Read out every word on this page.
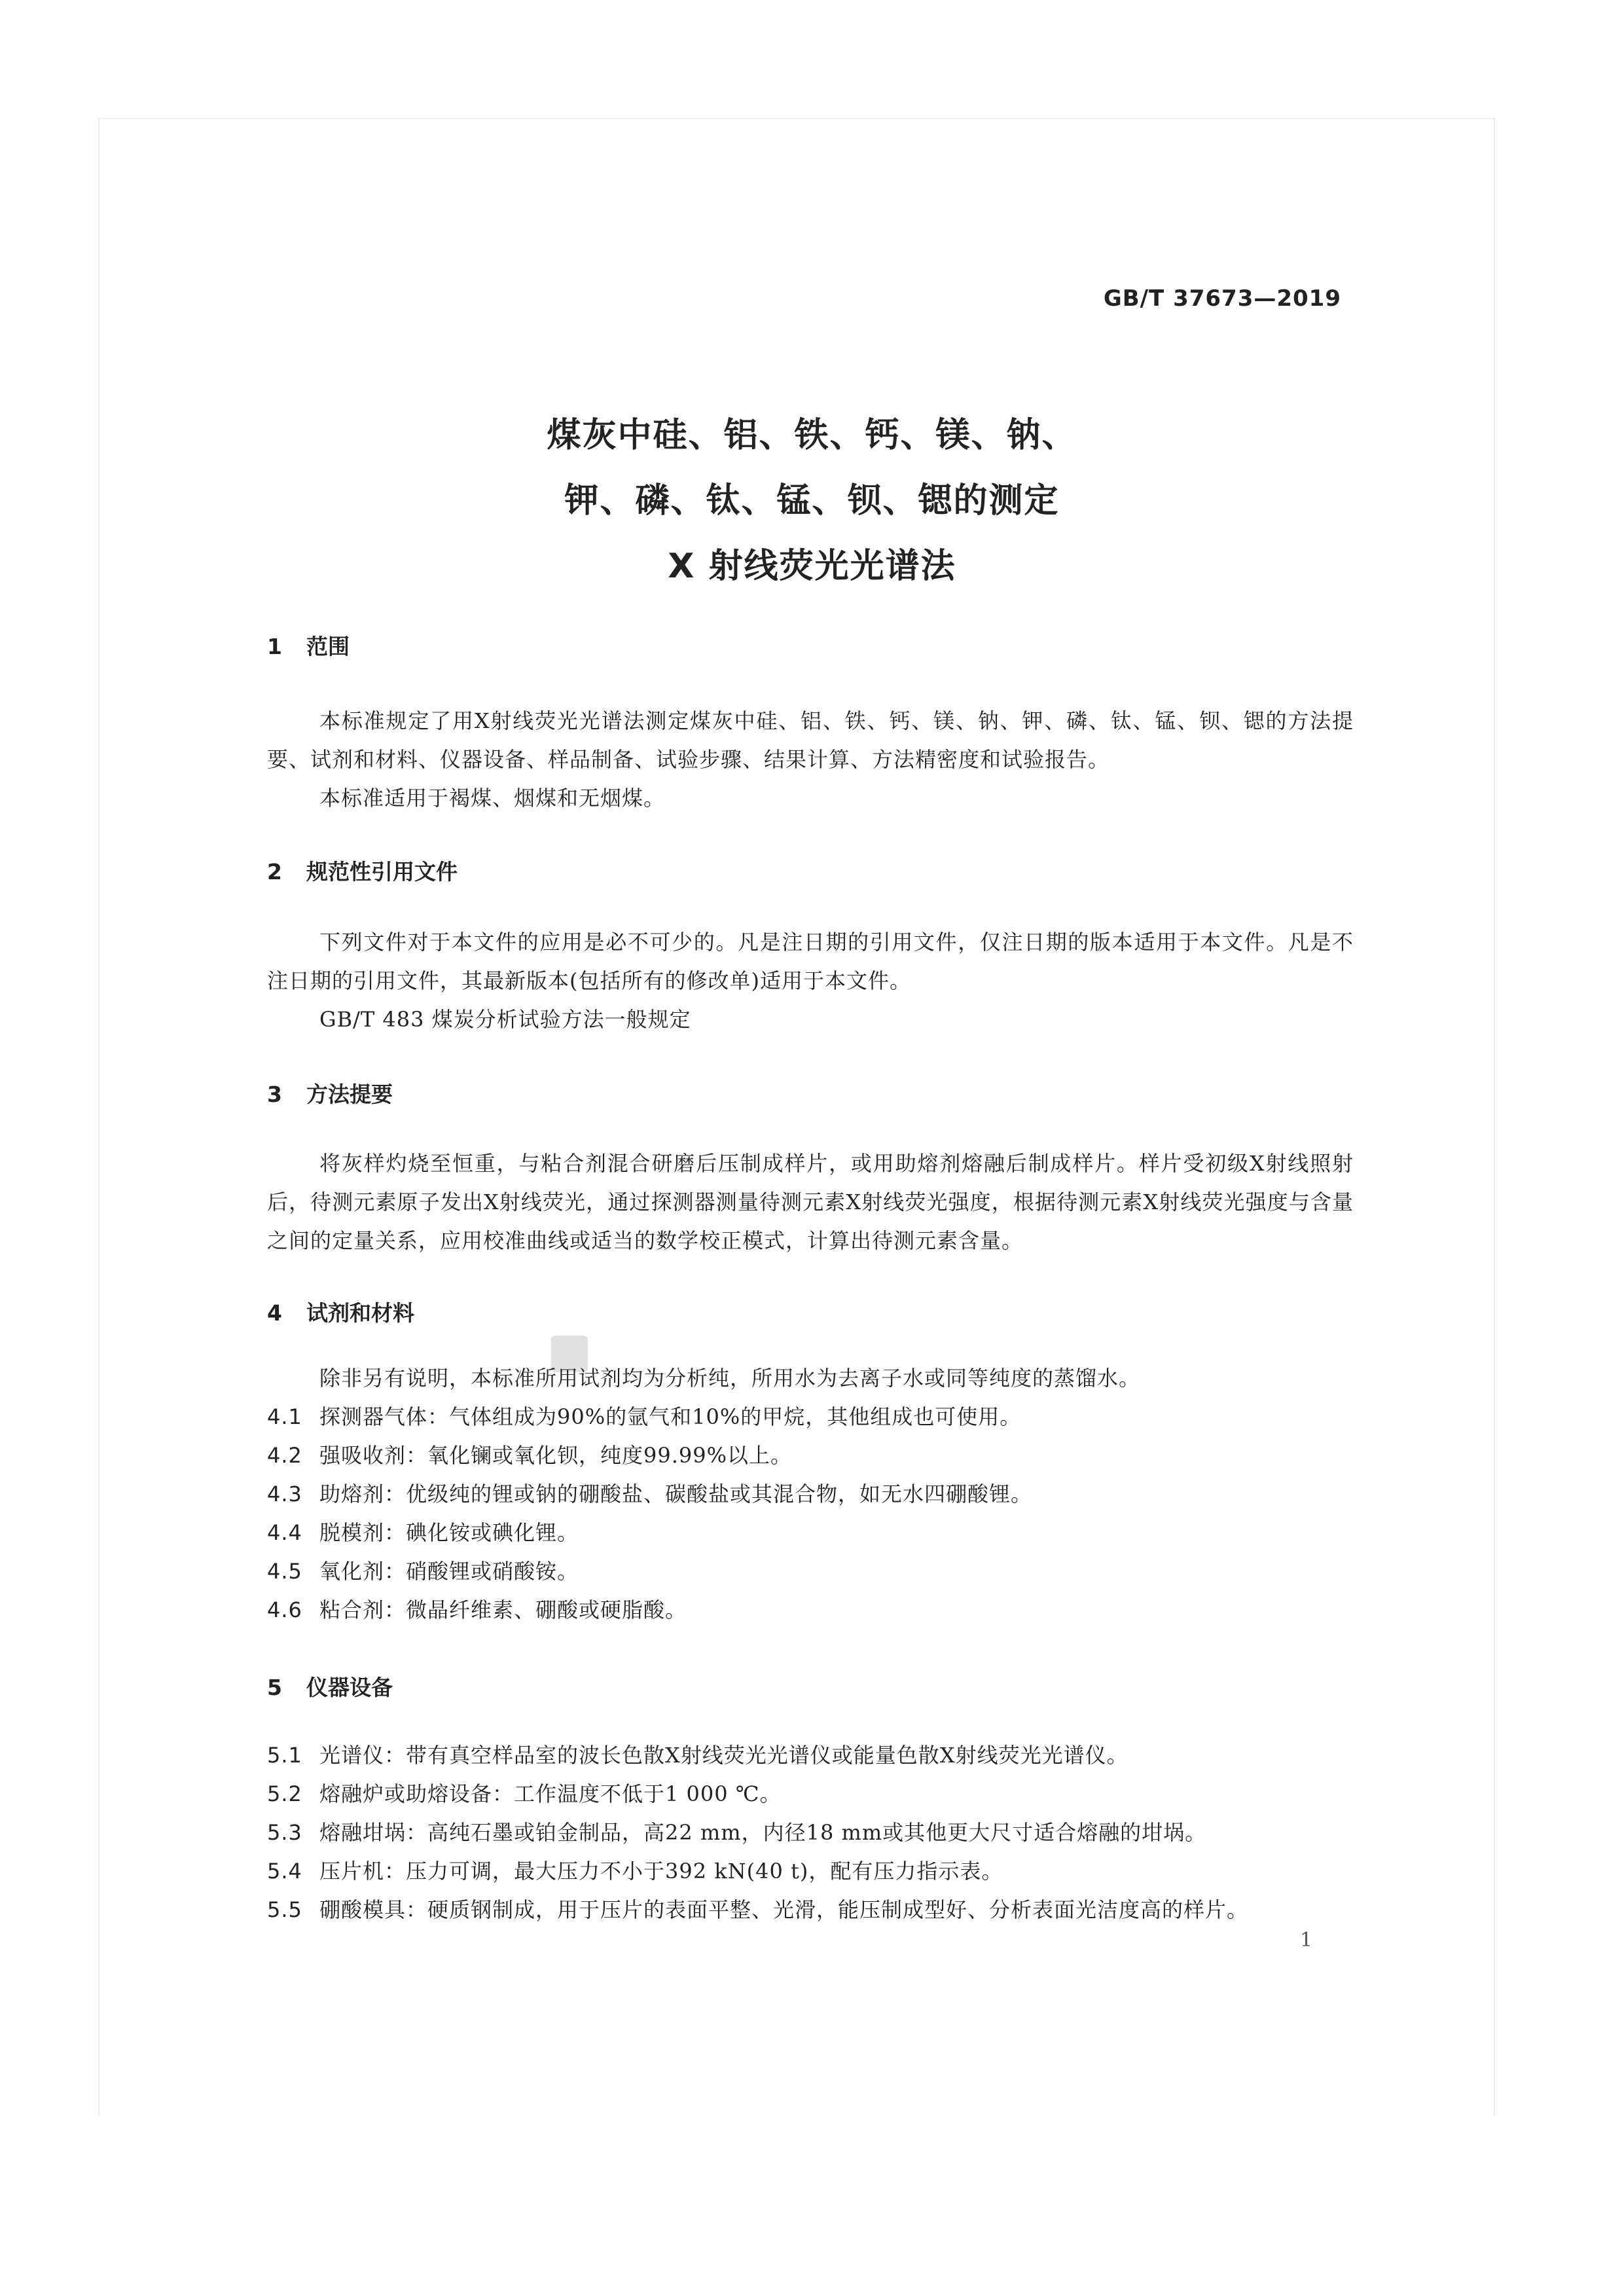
GB/T 37673—2019
煤灰中硅、铝、铁、钙、镁、钠、
钾、磷、钛、锰、钡、锶的测定
X 射线荧光光谱法
1 范围
本标准规定了用X射线荧光光谱法测定煤灰中硅、铝、铁、钙、镁、钠、钾、磷、钛、锰、钡、锶的方法提要、试剂和材料、仪器设备、样品制备、试验步骤、结果计算、方法精密度和试验报告。
本标准适用于褐煤、烟煤和无烟煤。
2 规范性引用文件
下列文件对于本文件的应用是必不可少的。凡是注日期的引用文件，仅注日期的版本适用于本文件。凡是不注日期的引用文件，其最新版本(包括所有的修改单)适用于本文件。
GB/T 483 煤炭分析试验方法一般规定
3 方法提要
将灰样灼烧至恒重，与粘合剂混合研磨后压制成样片，或用助熔剂熔融后制成样片。样片受初级X射线照射后，待测元素原子发出X射线荧光，通过探测器测量待测元素X射线荧光强度，根据待测元素X射线荧光强度与含量之间的定量关系，应用校准曲线或适当的数学校正模式，计算出待测元素含量。
4 试剂和材料
除非另有说明，本标准所用试剂均为分析纯，所用水为去离子水或同等纯度的蒸馏水。
4.1 探测器气体：气体组成为90%的氩气和10%的甲烷，其他组成也可使用。
4.2 强吸收剂：氧化镧或氧化钡，纯度99.99%以上。
4.3 助熔剂：优级纯的锂或钠的硼酸盐、碳酸盐或其混合物，如无水四硼酸锂。
4.4 脱模剂：碘化铵或碘化锂。
4.5 氧化剂：硝酸锂或硝酸铵。
4.6 粘合剂：微晶纤维素、硼酸或硬脂酸。
5 仪器设备
5.1 光谱仪：带有真空样品室的波长色散X射线荧光光谱仪或能量色散X射线荧光光谱仪。
5.2 熔融炉或助熔设备：工作温度不低于1 000 ℃。
5.3 熔融坩埚：高纯石墨或铂金制品，高22 mm，内径18 mm或其他更大尺寸适合熔融的坩埚。
5.4 压片机：压力可调，最大压力不小于392 kN(40 t)，配有压力指示表。
5.5 硼酸模具：硬质钢制成，用于压片的表面平整、光滑，能压制成型好、分析表面光洁度高的样片。
1
